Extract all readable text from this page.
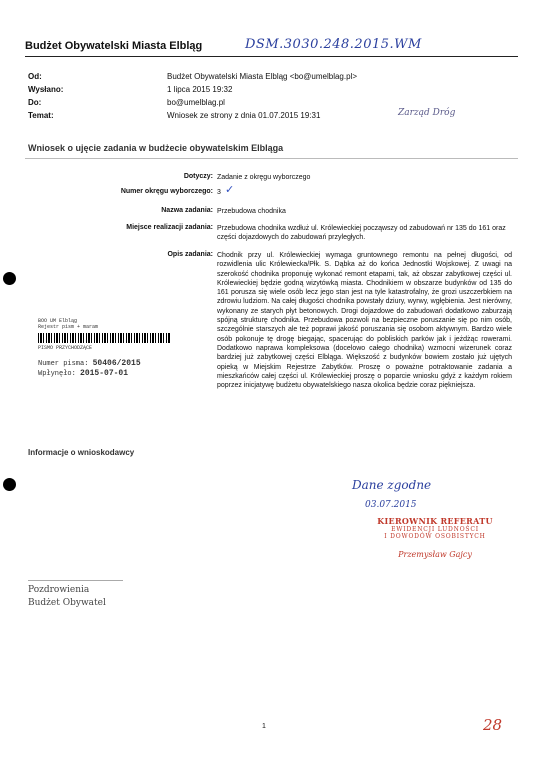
Budżet Obywatelski Miasta Elbląg	DSM.3030.248.2015.WM
Od:	Budżet Obywatelski Miasta Elbląg <bo@umelblag.pl>
Wysłano:	1 lipca 2015 19:32
Do:	bo@umelblag.pl
Temat:	Wniosek ze strony z dnia 01.07.2015 19:31	Zarząd Dróg
Wniosek o ujęcie zadania w budżecie obywatelskim Elbląga
Dotyczy: Zadanie z okręgu wyborczego
Numer okręgu wyborczego: 3 ✓
Nazwa zadania: Przebudowa chodnika
Miejsce realizacji zadania: Przebudowa chodnika wzdłuż ul. Królewieckiej począwszy od zabudowań nr 135 do 161 oraz części dojazdowych do zabudowań przyległych.
Opis zadania: Chodnik przy ul. Królewieckiej wymaga gruntownego remontu na pełnej długości, od rozwidlenia ulic Królewiecka/Płk. S. Dąbka aż do końca Jednostki Wojskowej. Z uwagi na szerokość chodnika proponuję wykonać remont etapami, tak, aż obszar zabytkowej części ul. Królewieckiej będzie godną wizytówką miasta. Chodnikiem w obszarze budynków od 135 do 161 porusza się wiele osób lecz jego stan jest na tyle katastrofalny, że grozi uszczerbkiem na zdrowiu ludziom. Na całej długości chodnika powstały dziury, wyrwy, wgłębienia. Jest nierówny, wykonany ze starych płyt betonowych. Drogi dojazdowe do zabudowań dodatkowo zaburzają spójną strukturę chodnika. Przebudowa pozwoli na bezpieczne poruszanie się po nim osób, szczególnie starszych ale też poprawi jakość poruszania się osobom aktywnym. Bardzo wiele osób pokonuje tę drogę biegając, spacerując do pobliskich parków jak i jeżdżąc rowerami. Dodatkowo naprawa kompleksowa (docelowo całego chodnika) wzmocni wizerunek coraz bardziej już zabytkowej części Elbląga. Większość z budynków bowiem zostało już ujętych opieką w Miejskim Rejestrze Zabytków. Proszę o poważne potraktowanie zadania a mieszkańców całej części ul. Królewieckiej proszę o poparcie wniosku gdyż z każdym rokiem poprzez inicjatywę budżetu obywatelskiego nasza okolica będzie coraz piękniejsza.
BOO UM Elbląg
Rejestr pism + maram
PISMO PRZYCHODZĄCE
Numer pisma: 50406/2015
Wpłynęło: 2015-07-01
Informacje o wnioskodawcy
Dane zgodne
03.07.2015
KIEROWNIK REFERATU
EWIDENCJI LUDNOŚCI
I DOWODÓW OSOBISTYCH
Przemysław Gajcy
Pozdrowienia
Budżet Obywatel
1	28
